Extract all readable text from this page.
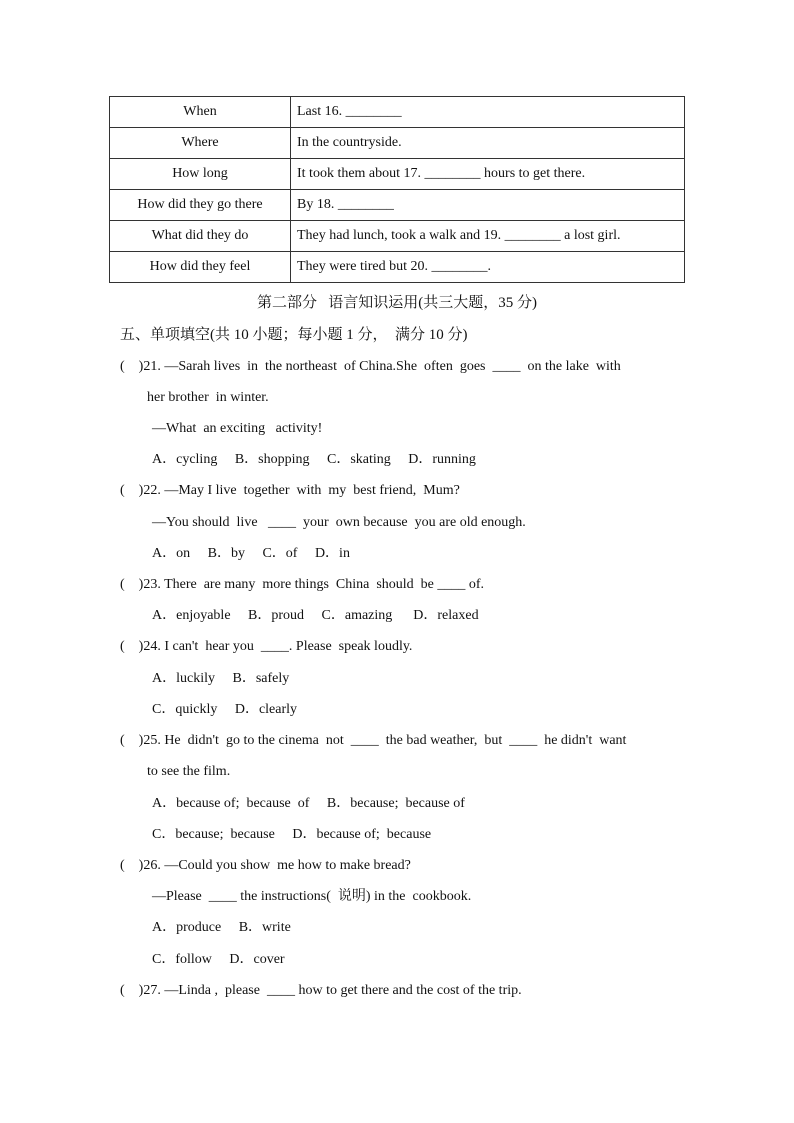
When	Last 16. ________
Where	In the countryside.
How long	It took them about 17. ________ hours to get there.
How did they go there	By 18. ________
What did they do	They had lunch, took a walk and 19. ________ a lost girl.
How did they feel	They were tired but 20. ________.
第二部分   语言知识运用(共三大题，35 分)
五、单项填空(共 10 小题；每小题 1 分，  满分 10 分)
(    )21. —Sarah lives  in  the northeast  of China.She  often  goes  ____  on the lake  with
her brother  in winter.
—What  an exciting   activity!
A．cycling     B．shopping     C．skating     D．running
(    )22. —May I live  together  with  my  best friend,  Mum?
—You should  live   ____  your  own because  you are old enough.
A．on     B．by     C．of     D．in
(    )23. There  are many  more things  China  should  be ____ of.
A．enjoyable     B．proud     C．amazing      D．relaxed
(    )24. I can't  hear you  ____. Please  speak loudly.
A．luckily     B．safely
C．quickly     D．clearly
(    )25. He  didn't  go to the cinema  not  ____  the bad weather,  but  ____  he didn't  want
to see the film.
A．because of;  because  of     B．because;  because of
C．because;  because     D．because of;  because
(    )26. —Could you show  me how to make bread?
—Please  ____ the instructions(  说明) in the  cookbook.
A．produce     B．write
C．follow     D．cover
(    )27. —Linda ,  please  ____ how to get there and the cost of the trip.
